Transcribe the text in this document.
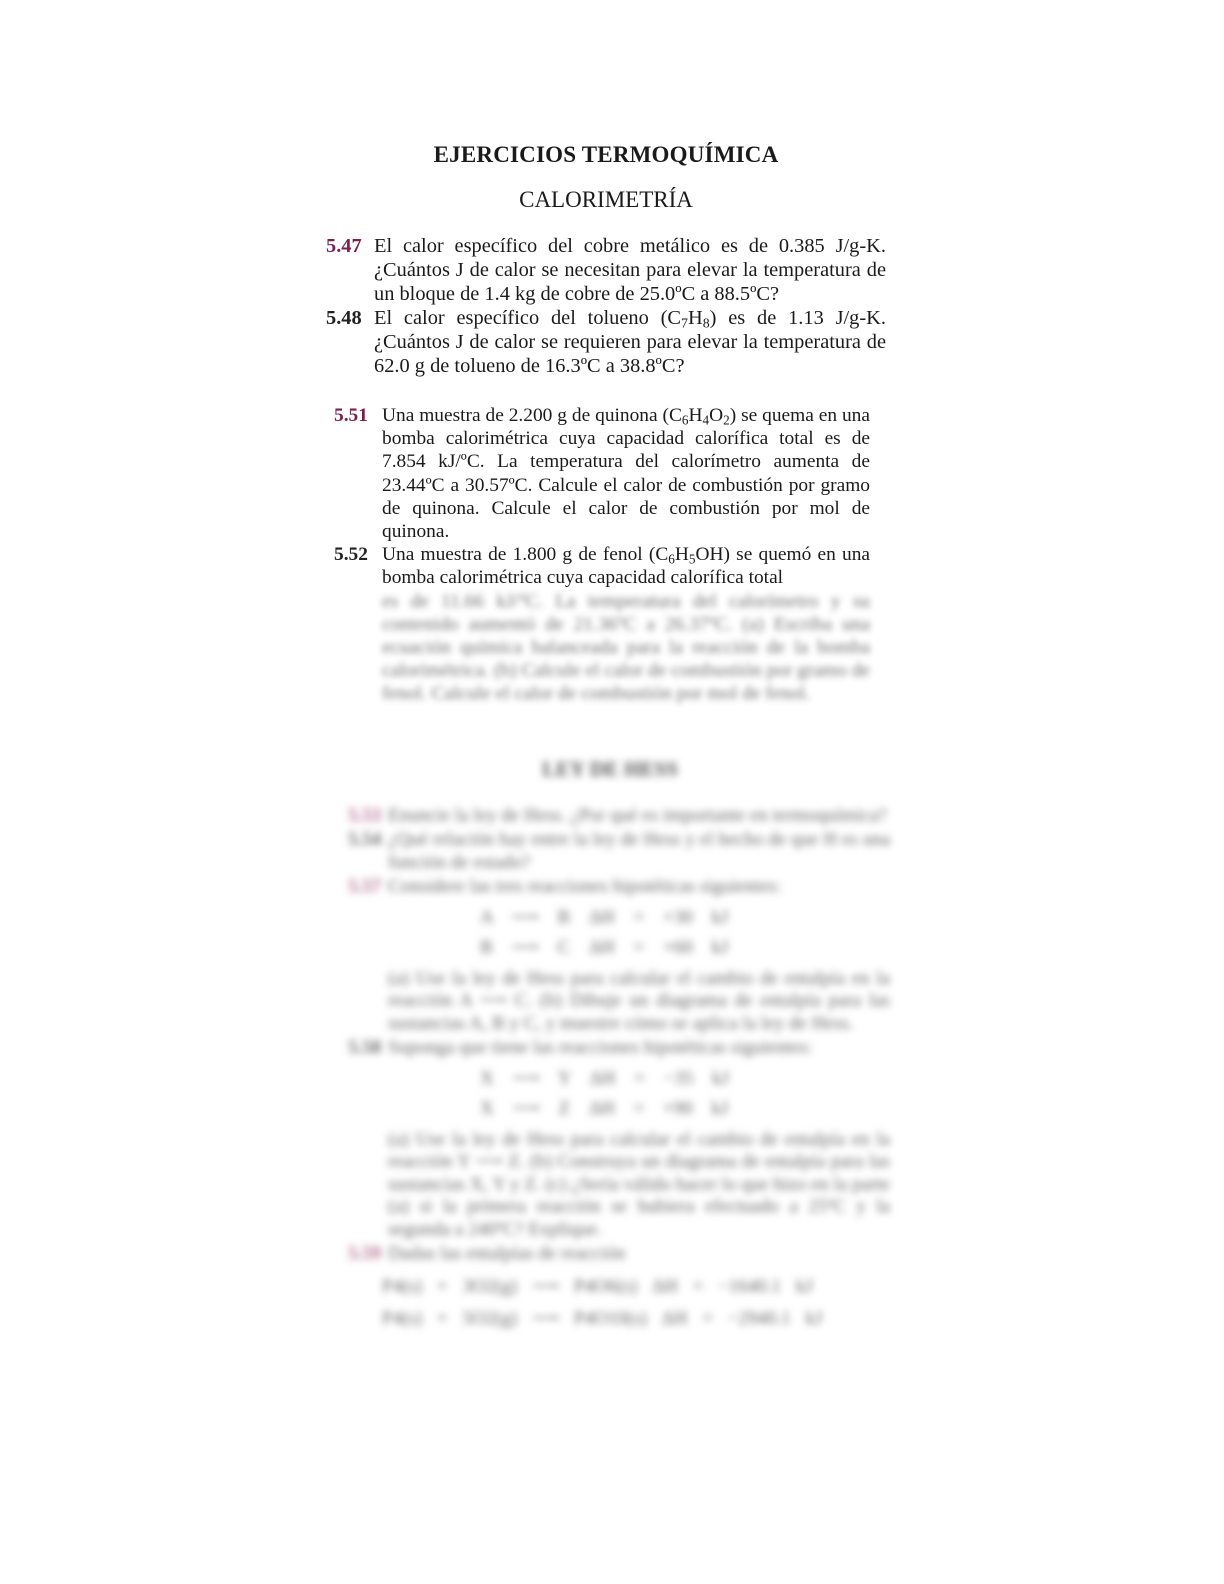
EJERCICIOS TERMOQUÍMICA
CALORIMETRÍA
5.47 El calor específico del cobre metálico es de 0.385 J/g-K. ¿Cuántos J de calor se necesitan para elevar la temperatura de un bloque de 1.4 kg de cobre de 25.0ºC a 88.5ºC?
5.48 El calor específico del tolueno $(C_7H_8)$ es de 1.13 J/g-K. ¿Cuántos J de calor se requieren para elevar la temperatura de 62.0 g de tolueno de 16.3ºC a 38.8ºC?
5.51 Una muestra de 2.200 g de quinona $(C_6H_4O_2)$ se quema en una bomba calorimétrica cuya capacidad calorífica total es de 7.854 kJ/ºC. La temperatura del calorímetro aumenta de 23.44ºC a 30.57ºC. Calcule el calor de combustión por gramo de quinona. Calcule el calor de combustión por mol de quinona.
5.52 Una muestra de 1.800 g de fenol $(C_6H_5OH)$ se quemó en una bomba calorimétrica cuya capacidad calorífica total
es de 11.66 kJ/ºC. La temperatura del calorímetro y su contenido aumentó de 21.36ºC a 26.37ºC. (a) Escriba una ecuación química balanceada para la reacción de la bomba calorimétrica. (b) Calcule el calor de combustión por gramo de fenol. Calcule el calor de combustión por mol de fenol.
LEY DE HESS
5.53 Enuncie la ley de Hess. ¿Por qué es importante en termoquímica?
5.54 ¿Qué relación hay entre la ley de Hess y el hecho de que H es una función de estado?
5.57 Considere las tres reacciones hipotéticas siguientes:
A ⟶ B ΔH = +30 kJ
B ⟶ C ΔH = +60 kJ
(a) Use la ley de Hess para calcular el cambio de entalpía en la reacción A ⟶ C. (b) Dibuje un diagrama de entalpía para las sustancias A, B y C, y muestre cómo se aplica la ley de Hess.
5.58 Suponga que tiene las reacciones hipotéticas siguientes:
X ⟶ Y ΔH = −35 kJ
X ⟶ Z ΔH = +90 kJ
(a) Use la ley de Hess para calcular el cambio de entalpía en la reacción Y ⟶ Z. (b) Construya un diagrama de entalpía para las sustancias X, Y y Z. (c) ¿Sería válido hacer lo que hizo en la parte (a) si la primera reacción se hubiera efectuado a 25ºC y la segunda a 240ºC? Explique.
5.59 Dadas las entalpías de reacción
P4(s) + 3O2(g) ⟶ P4O6(s) ΔH = −1640.1 kJ
P4(s) + 5O2(g) ⟶ P4O10(s) ΔH = −2940.1 kJ
